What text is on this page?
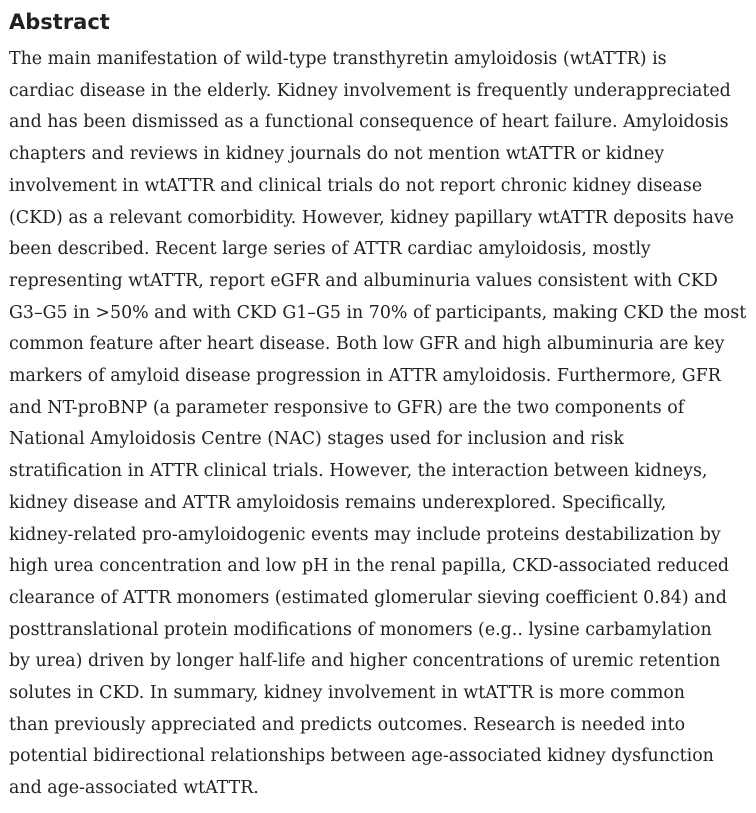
Abstract

The main manifestation of wild-type transthyretin amyloidosis (wtATTR) is
cardiac disease in the elderly. Kidney involvement is frequently underappreciated
and has been dismissed as a functional consequence of heart failure. Amyloidosis
chapters and reviews in kidney journals do not mention wtATTR or kidney
involvement in wtATTR and clinical trials do not report chronic kidney disease
(CKD) as a relevant comorbidity. However, kidney papillary wtATTR deposits have
been described. Recent large series of ATTR cardiac amyloidosis, mostly
representing wtATTR, report eGFR and albuminuria values consistent with CKD
G3–G5 in >50% and with CKD G1–G5 in 70% of participants, making CKD the most
common feature after heart disease. Both low GFR and high albuminuria are key
markers of amyloid disease progression in ATTR amyloidosis. Furthermore, GFR
and NT-proBNP (a parameter responsive to GFR) are the two components of
National Amyloidosis Centre (NAC) stages used for inclusion and risk
stratification in ATTR clinical trials. However, the interaction between kidneys,
kidney disease and ATTR amyloidosis remains underexplored. Specifically,
kidney-related pro-amyloidogenic events may include proteins destabilization by
high urea concentration and low pH in the renal papilla, CKD-associated reduced
clearance of ATTR monomers (estimated glomerular sieving coefficient 0.84) and
posttranslational protein modifications of monomers (e.g.. lysine carbamylation
by urea) driven by longer half-life and higher concentrations of uremic retention
solutes in CKD. In summary, kidney involvement in wtATTR is more common
than previously appreciated and predicts outcomes. Research is needed into
potential bidirectional relationships between age-associated kidney dysfunction
and age-associated wtATTR.
